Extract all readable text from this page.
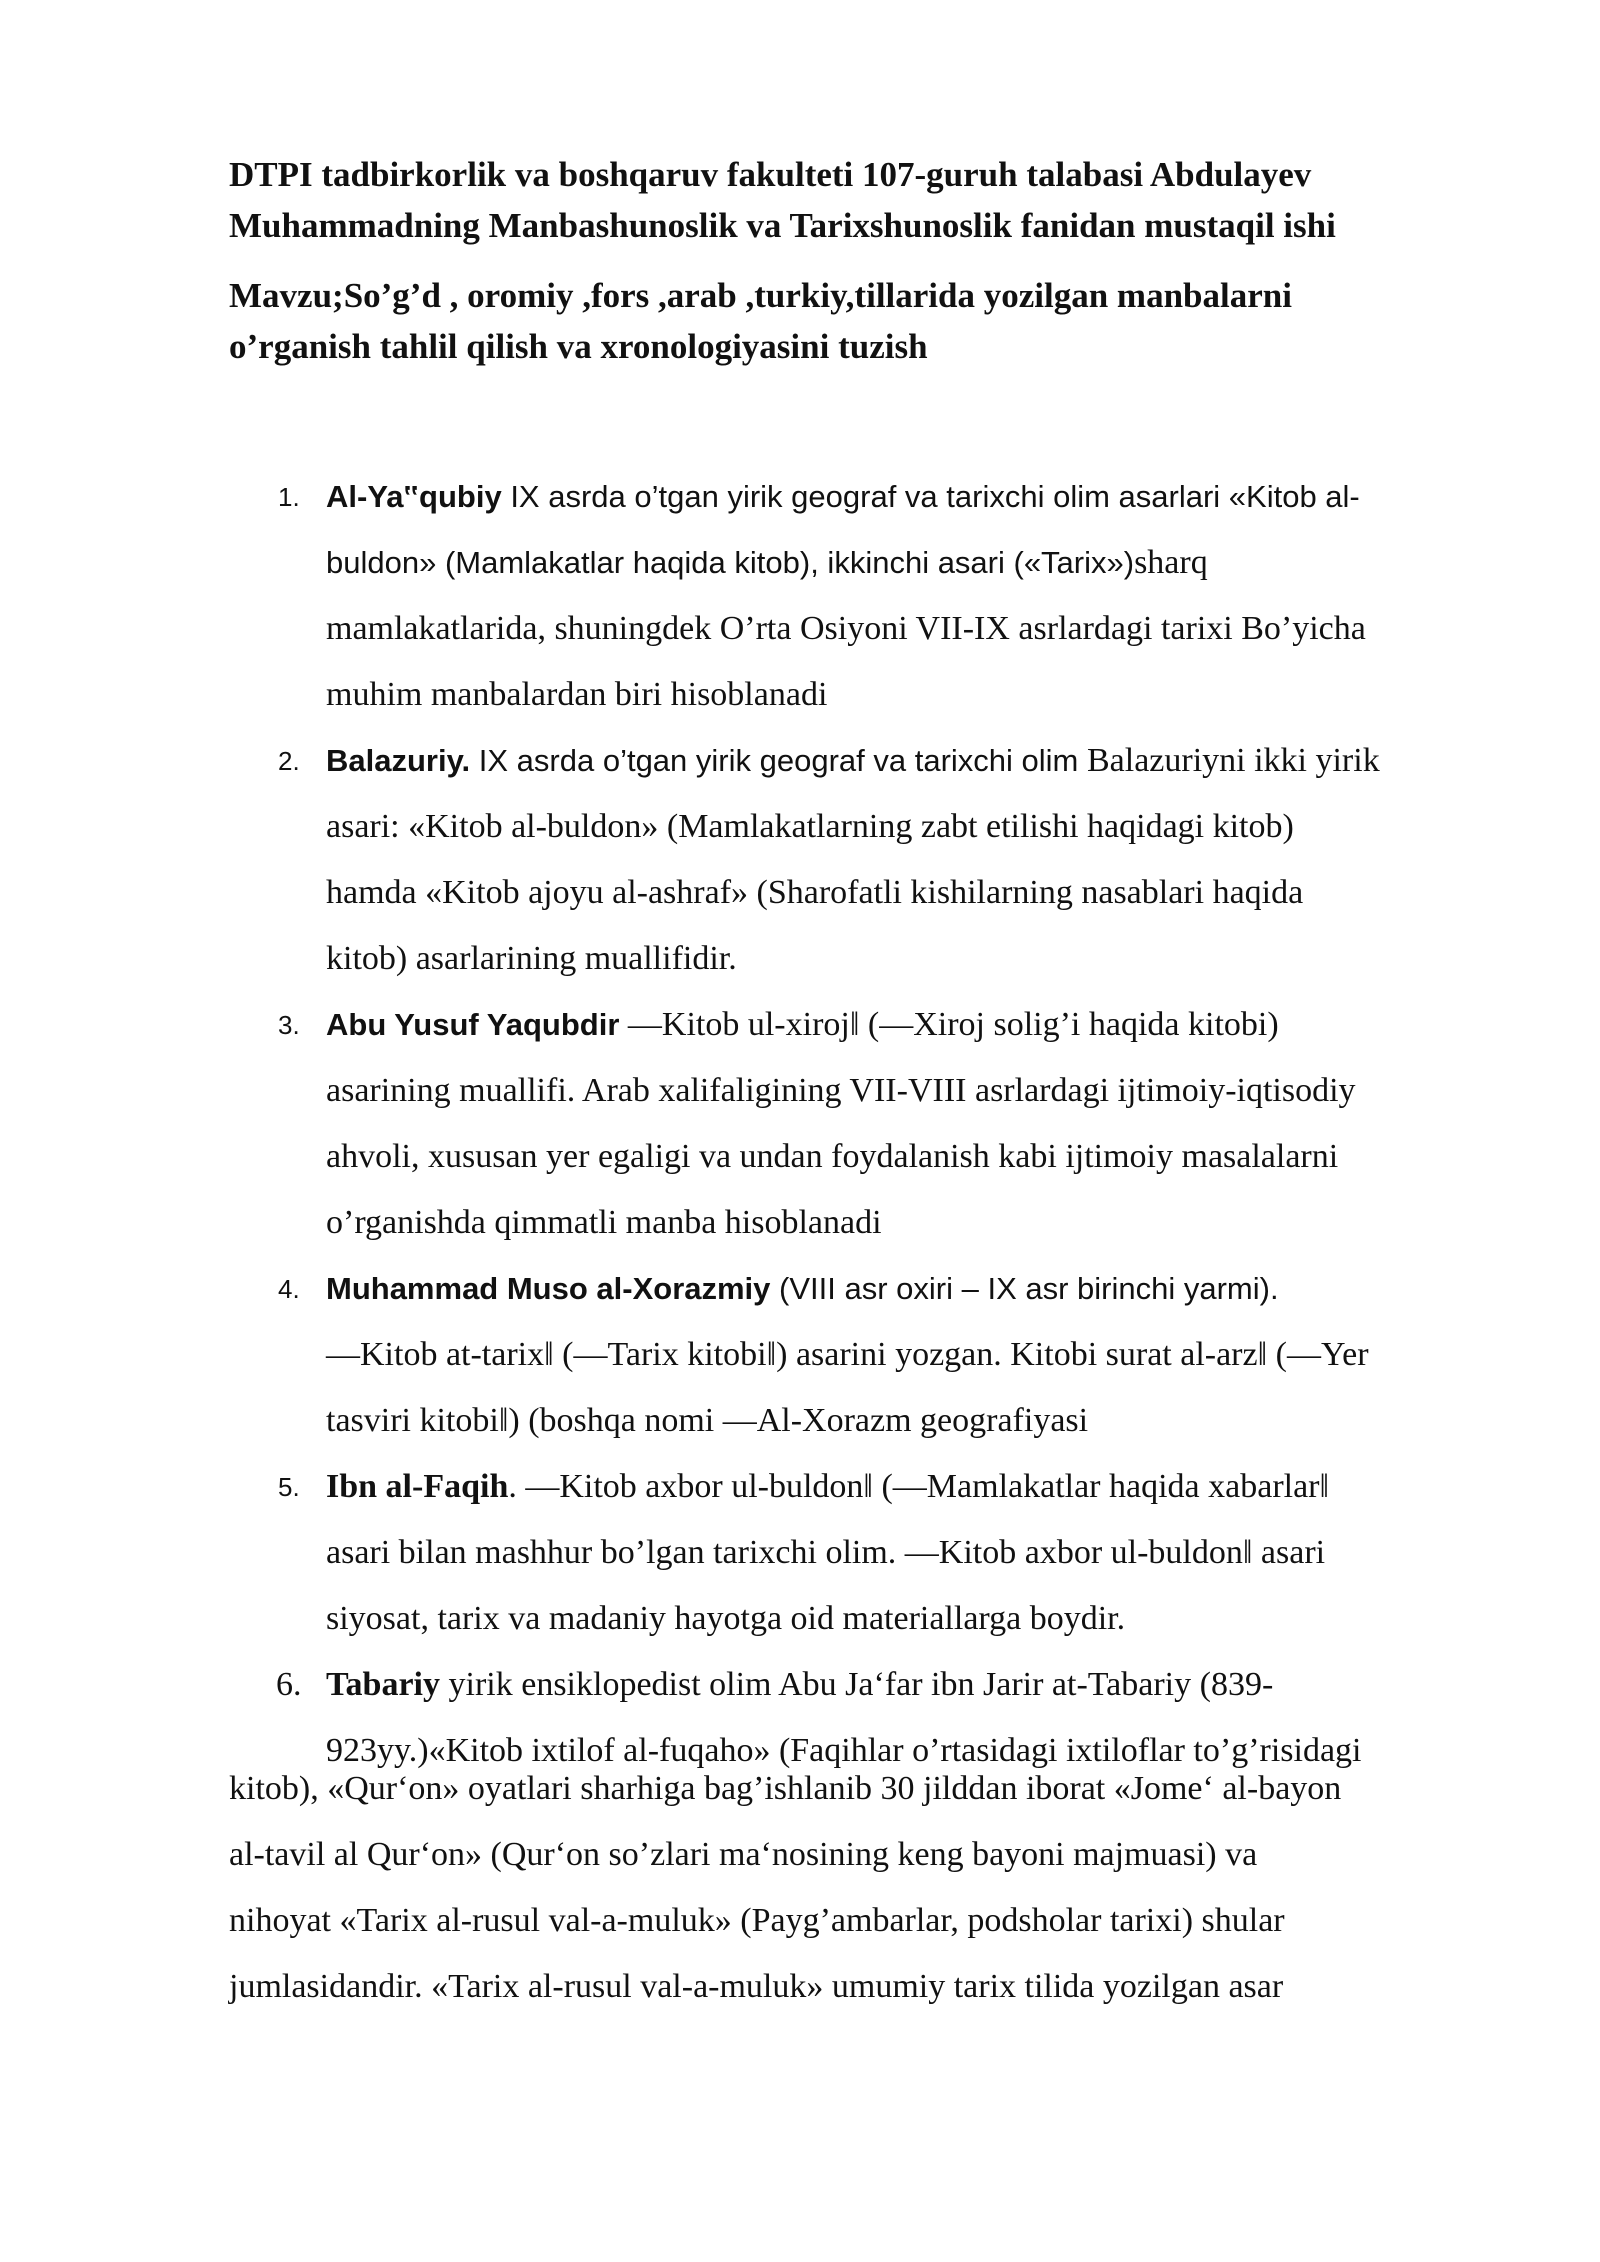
DTPI tadbirkorlik va boshqaruv fakulteti 107-guruh talabasi Abdulayev
Muhammadning Manbashunoslik va Tarixshunoslik fanidan mustaqil ishi
Mavzu;So’g’d , oromiy ,fors ,arab ,turkiy,tillarida yozilgan manbalarni
o’rganish tahlil qilish va xronologiyasini tuzish
1. Al-Ya‟qubiy IX asrda o’tgan yirik geograf va tarixchi olim asarlari «Kitob al-
buldon» (Mamlakatlar haqida kitob), ikkinchi asari («Tarix»)sharq
mamlakatlarida, shuningdek O’rta Osiyoni VII-IX asrlardagi tarixi Bo’yicha
muhim manbalardan biri hisoblanadi
2. Balazuriy. IX asrda o’tgan yirik geograf va tarixchi olim Balazuriyni ikki yirik
asari: «Kitob al-buldon» (Mamlakatlarning zabt etilishi haqidagi kitob)
hamda «Kitob ajoyu al-ashraf» (Sharofatli kishilarning nasablari haqida
kitob) asarlarining muallifidir.
3. Abu Yusuf Yaqubdir ―Kitob ul-xiroj‖ (―Xiroj solig’i haqida kitobi)
asarining muallifi. Arab xalifaligining VII-VIII asrlardagi ijtimoiy-iqtisodiy
ahvoli, xususan yer egaligi va undan foydalanish kabi ijtimoiy masalalarni
o’rganishda qimmatli manba hisoblanadi
4. Muhammad Muso al-Xorazmiy (VIII asr oxiri – IX asr birinchi yarmi).
―Kitob at-tarix‖ (―Tarix kitobi‖) asarini yozgan. Kitobi surat al-arz‖ (―Yer
tasviri kitobi‖) (boshqa nomi ―Al-Xorazm geografiyasi
5. Ibn al-Faqih. ―Kitob axbor ul-buldon‖ (―Mamlakatlar haqida xabarlar‖
asari bilan mashhur bo’lgan tarixchi olim. ―Kitob axbor ul-buldon‖ asari
siyosat, tarix va madaniy hayotga oid materiallarga boydir.
6. Tabariy yirik ensiklopedist olim Abu Ja‘far ibn Jarir at-Tabariy (839-
923yy.)«Kitob ixtilof al-fuqaho» (Faqihlar o’rtasidagi ixtiloflar to’g’risidagi

kitob), «Qur‘on» oyatlari sharhiga bag’ishlanib 30 jilddan iborat «Jome‘ al-bayon
al-tavil al Qur‘on» (Qur‘on so’zlari ma‘nosining keng bayoni majmuasi) va
nihoyat «Tarix al-rusul val-a-muluk» (Payg’ambarlar, podsholar tarixi) shular
jumlasidandir. «Tarix al-rusul val-a-muluk» umumiy tarix tilida yozilgan asar
